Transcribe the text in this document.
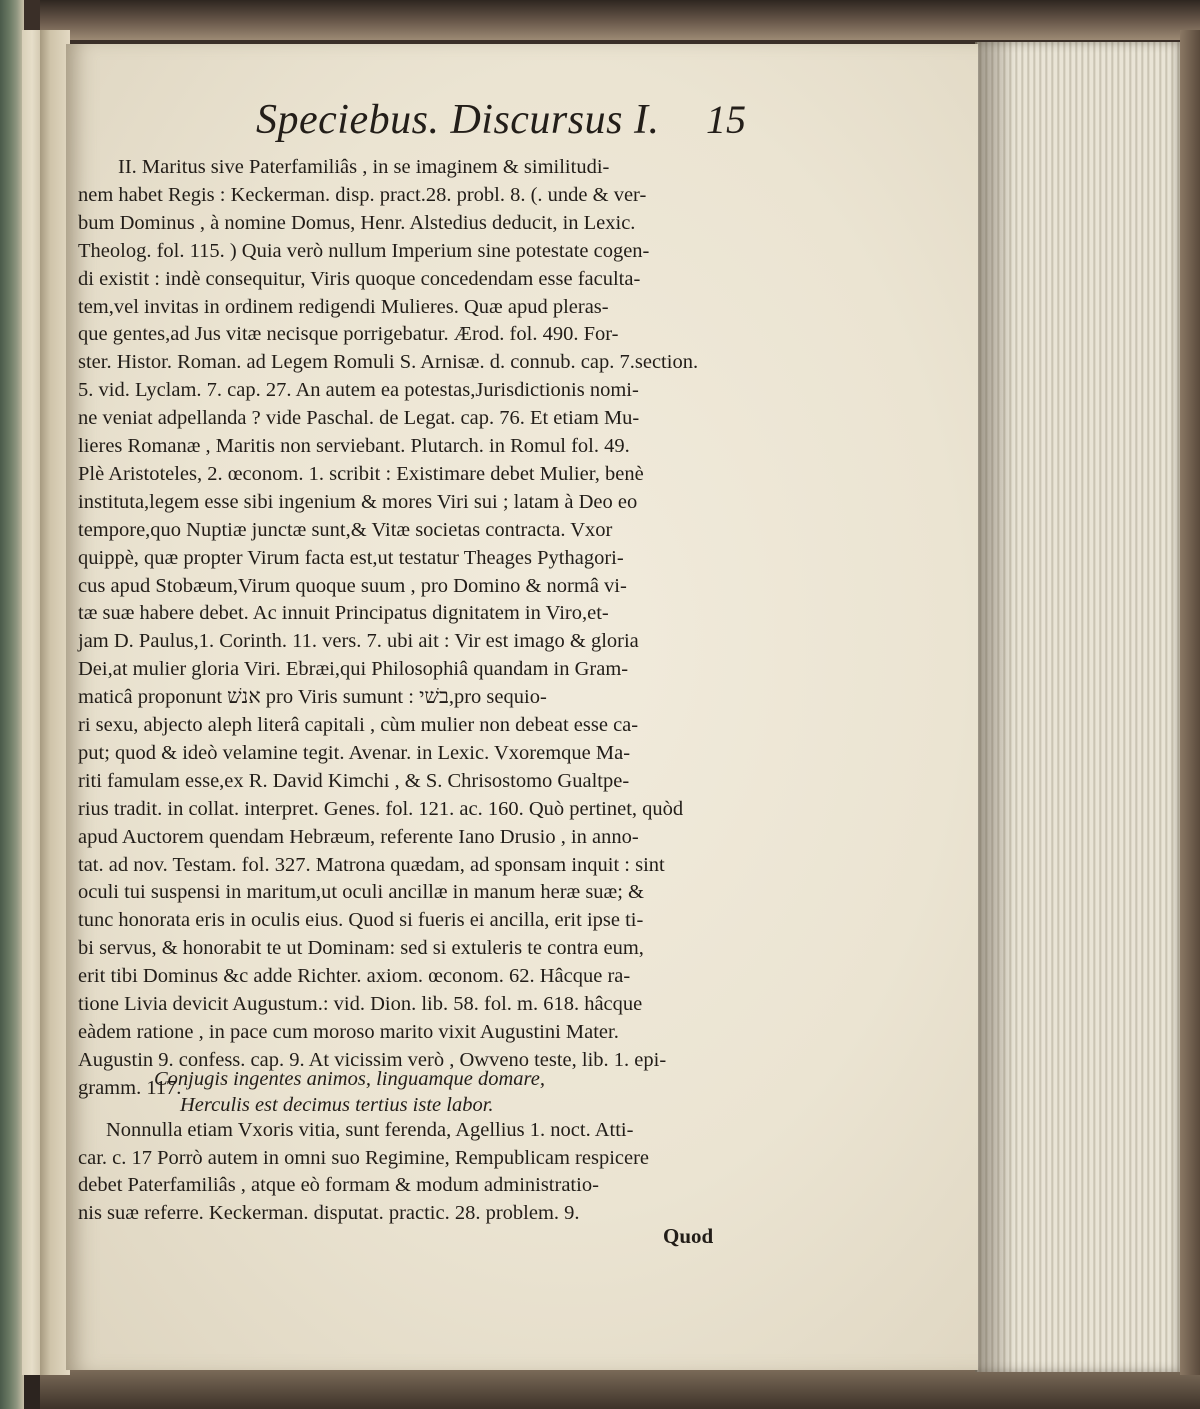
Speciebus. Discursus I. 15
II. Maritus sive Paterfamiliâs , in se imaginem & similitudi-
nem habet Regis : Keckerman. disp. pract.28. probl. 8. (. unde & ver-
bum Dominus , à nomine Domus, Henr. Alstedius deducit, in Lexic.
Theolog. fol. 115. ) Quia verò nullum Imperium sine potestate cogen-
di existit : indè consequitur, Viris quoque concedendam esse faculta-
tem,vel invitas in ordinem redigendi Mulieres. Quæ apud pleras-
que gentes,ad Jus vitæ necisque porrigebatur. Ærod. fol. 490. For-
ster. Histor. Roman. ad Legem Romuli S. Arnisæ. d. connub. cap. 7.section.
5. vid. Lyclam. 7. cap. 27. An autem ea potestas,Jurisdictionis nomi-
ne veniat adpellanda ? vide Paschal. de Legat. cap. 76. Et etiam Mu-
lieres Romanæ , Maritis non serviebant. Plutarch. in Romul fol. 49.
Plè Aristoteles, 2. œconom. 1. scribit : Existimare debet Mulier, benè
instituta,legem esse sibi ingenium & mores Viri sui ; latam à Deo eo
tempore,quo Nuptiæ junctæ sunt,& Vitæ societas contracta. Vxor
quippè, quæ propter Virum facta est,ut testatur Theages Pythagori-
cus apud Stobæum,Virum quoque suum , pro Domino & normâ vi-
tæ suæ habere debet. Ac innuit Principatus dignitatem in Viro,et-
jam D. Paulus,1. Corinth. 11. vers. 7. ubi ait : Vir est imago & gloria
Dei,at mulier gloria Viri. Ebræi,qui Philosophiâ quandam in Gram-
maticâ proponunt אנשׁ pro Viris sumunt : בשׁי,pro sequio-
ri sexu, abjecto aleph literâ capitali , cùm mulier non debeat esse ca-
put; quod & ideò velamine tegit. Avenar. in Lexic. Vxoremque Ma-
riti famulam esse,ex R. David Kimchi , & S. Chrisostomo Gualtpe-
rius tradit. in collat. interpret. Genes. fol. 121. ac. 160. Quò pertinet, quòd
apud Auctorem quendam Hebræum, referente Iano Drusio , in anno-
tat. ad nov. Testam. fol. 327. Matrona quædam, ad sponsam inquit : sint
oculi tui suspensi in maritum,ut oculi ancillæ in manum heræ suæ; &
tunc honorata eris in oculis eius. Quod si fueris ei ancilla, erit ipse ti-
bi servus, & honorabit te ut Dominam: sed si extuleris te contra eum,
erit tibi Dominus &c adde Richter. axiom. œconom. 62. Hâcque ra-
tione Livia devicit Augustum.: vid. Dion. lib. 58. fol. m. 618. hâcque
eàdem ratione , in pace cum moroso marito vixit Augustini Mater.
Augustin 9. confess. cap. 9. At vicissim verò , Owveno teste, lib. 1. epi-
gramm. 117.
Conjugis ingentes animos, linguamque domare,
Herculis est decimus tertius iste labor.
Nonnulla etiam Vxoris vitia, sunt ferenda, Agellius 1. noct. Atti-
car. c. 17 Porrò autem in omni suo Regimine, Rempublicam respicere
debet Paterfamiliâs , atque eò formam & modum administratio-
nis suæ referre. Keckerman. disputat. practic. 28. problem. 9.
Quod
